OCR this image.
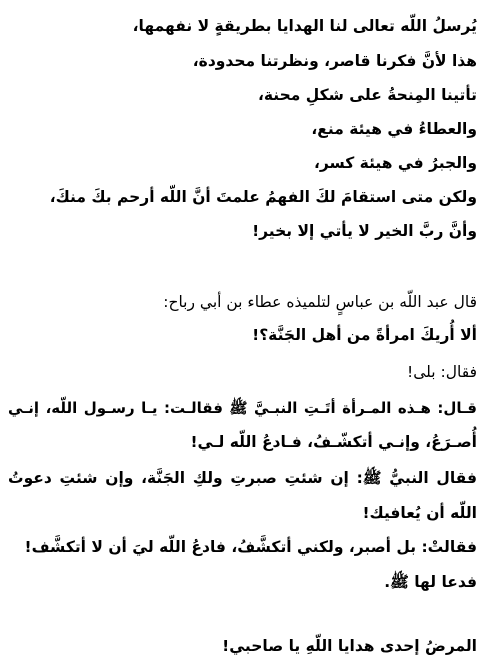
يُرسلُ اللّه تعالى لنا الهدايا بطريقةٍ لا نفهمها،

هذا لأنَّ فكرنا قاصر، ونظرتنا محدودة،

تأتينا المِنحةُ على شكلِ محنة،

والعطاءُ في هيئة منع،

والجبرُ في هيئة كسر،

ولكن متى استقامَ لكَ الفهمُ علمتَ أنَّ اللّه أرحم بكَ منكَ،

وأنَّ ربَّ الخير لا يأتي إلا بخير!

قال عبد اللّه بن عباسٍ لتلميذه عطاء بن أبي رباح:

ألا أُريكَ امرأةً من أهل الجَنَّة؟!

فقال: بلى!

قـال: هـذه المـرأة أتَـتِ النبـيَّ ﷺ فقالـت: يـا رسـول اللّه، إنـي

أُصـرَعُ، وإنـي أتكشّـفُ، فـادعُ اللّه لـي!

فقال النبيُّ ﷺ: إن شئتِ صبرتِ ولكِ الجَنَّة، وإن شئتِ دعوتُ

اللّه أن يُعافيك!

فقالتْ: بل أصبر، ولكني أتكشَّفُ، فادعُ اللّه ليَ أن لا أتكشَّف!

فدعا لها ﷺ.

المرضُ إحدى هدايا اللّهِ يا صاحبي!
